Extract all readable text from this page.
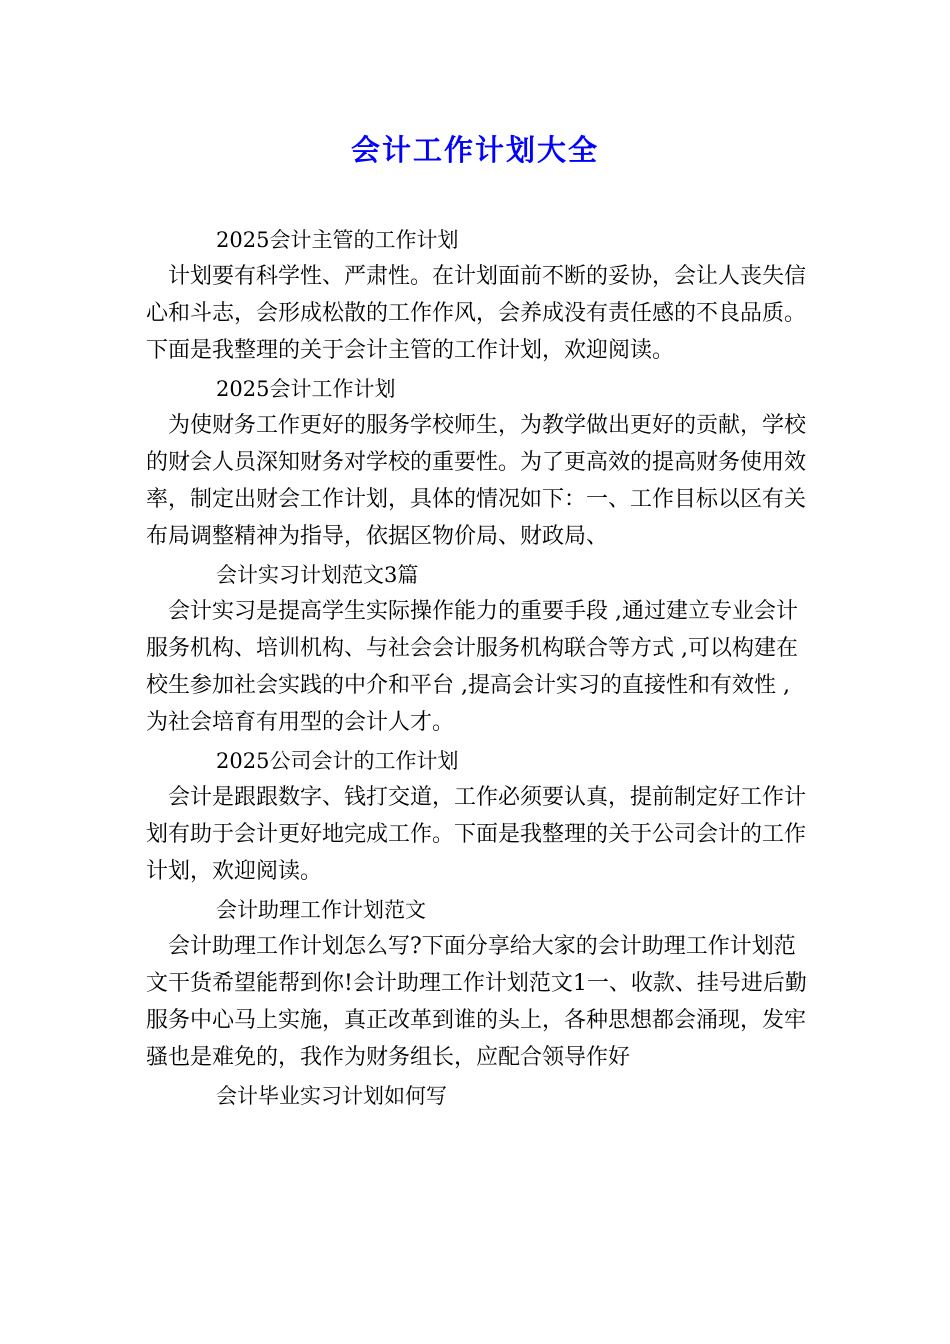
会计工作计划大全

2025会计主管的工作计划

计划要有科学性、严肃性。在计划面前不断的妥协，会让人丧失信心和斗志，会形成松散的工作作风，会养成没有责任感的不良品质。下面是我整理的关于会计主管的工作计划，欢迎阅读。

2025会计工作计划

为使财务工作更好的服务学校师生，为教学做出更好的贡献，学校的财会人员深知财务对学校的重要性。为了更高效的提高财务使用效率，制定出财会工作计划，具体的情况如下：一、工作目标以区有关布局调整精神为指导，依据区物价局、财政局、

会计实习计划范文3篇

会计实习是提高学生实际操作能力的重要手段 ,通过建立专业会计服务机构、培训机构、与社会会计服务机构联合等方式 ,可以构建在校生参加社会实践的中介和平台 ,提高会计实习的直接性和有效性 ,为社会培育有用型的会计人才。

2025公司会计的工作计划

会计是跟跟数字、钱打交道，工作必须要认真，提前制定好工作计划有助于会计更好地完成工作。下面是我整理的关于公司会计的工作计划，欢迎阅读。

会计助理工作计划范文

会计助理工作计划怎么写?下面分享给大家的会计助理工作计划范文干货希望能帮到你!会计助理工作计划范文1一、收款、挂号进后勤服务中心马上实施，真正改革到谁的头上，各种思想都会涌现，发牢骚也是难免的，我作为财务组长，应配合领导作好

会计毕业实习计划如何写
